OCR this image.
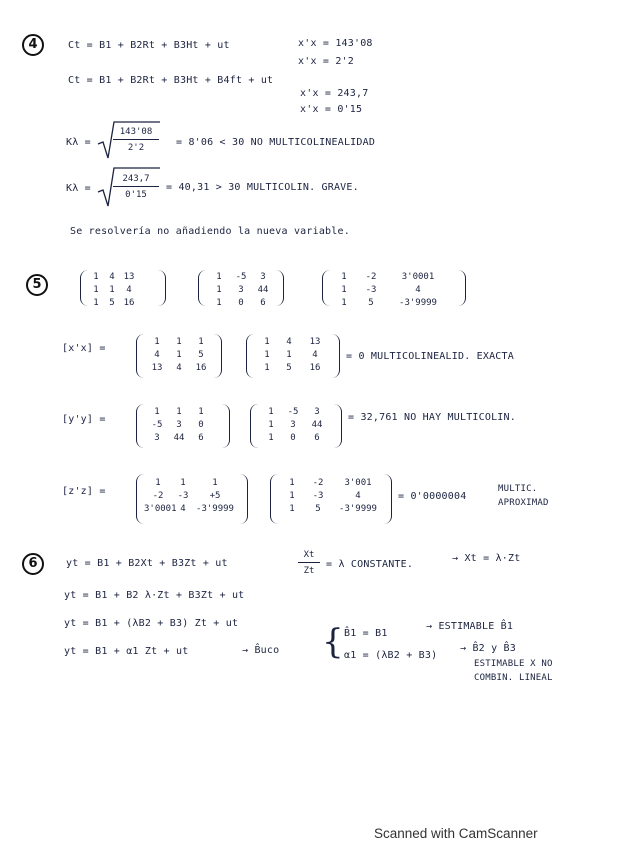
4	Ct = B1 + B2Rt + B3Ht + ut	x'x = 143'08
x'x = 2'2
Ct = B1 + B2Rt + B3Ht + B4ft + ut
x'x = 243,7
x'x = 0'15
$K\lambda = \frac{143'08}{2'2} = 8'06 < 30$ NO MULTICOLINEALIDAD
$K\lambda = \frac{243,7}{0'15} = 40,31 > 30$ MULTICOLIN. GRAVE.
Se resolvería no añadiendo la nueva variable.
5	1	4 13
1	1	4
1	5 16
1	-5	3
1	3	44
1	0	6
1	-2	3'0001
1	-3	4
1	5	-3'9999
[x'x] =
1	1	1
4	1	5
13	4	16
1	4	13
1	1	4
1	5	16
= 0 MULTICOLINEALID. EXACTA
[y'y] =
1	1	1
-5	3	0
3	44	6
1	-5	3
1	3	44
1	0	6
= 32,761 NO HAY MULTICOLIN.
[z'z] =
1	1	1
-2	-3	+5
3'0001 4	-3'9999
1	-2	3'001
1	-3	4
1	5	-3'9999
= 0'0000004
MULTIC.
APROXIMAD
6	yt = B1 + B2Xt + B3Zt + ut	$\frac{Xt}{Zt} = \lambda$ CONSTANTE.
→ Xt = λ·Zt
yt = B1 + B2 λ·Zt + B3Zt + ut
yt = B1 + (λB2 + B3) Zt + ut
yt = B1 + α1 Zt + ut	→ B̂uco { B̂1 = B1
→ ESTIMABLE B̂1
α1 = (λB2 + B3)
→ B̂2 y B̂3
ESTIMABLE X NO
COMBIN. LINEAL
Scanned with CamScanner
